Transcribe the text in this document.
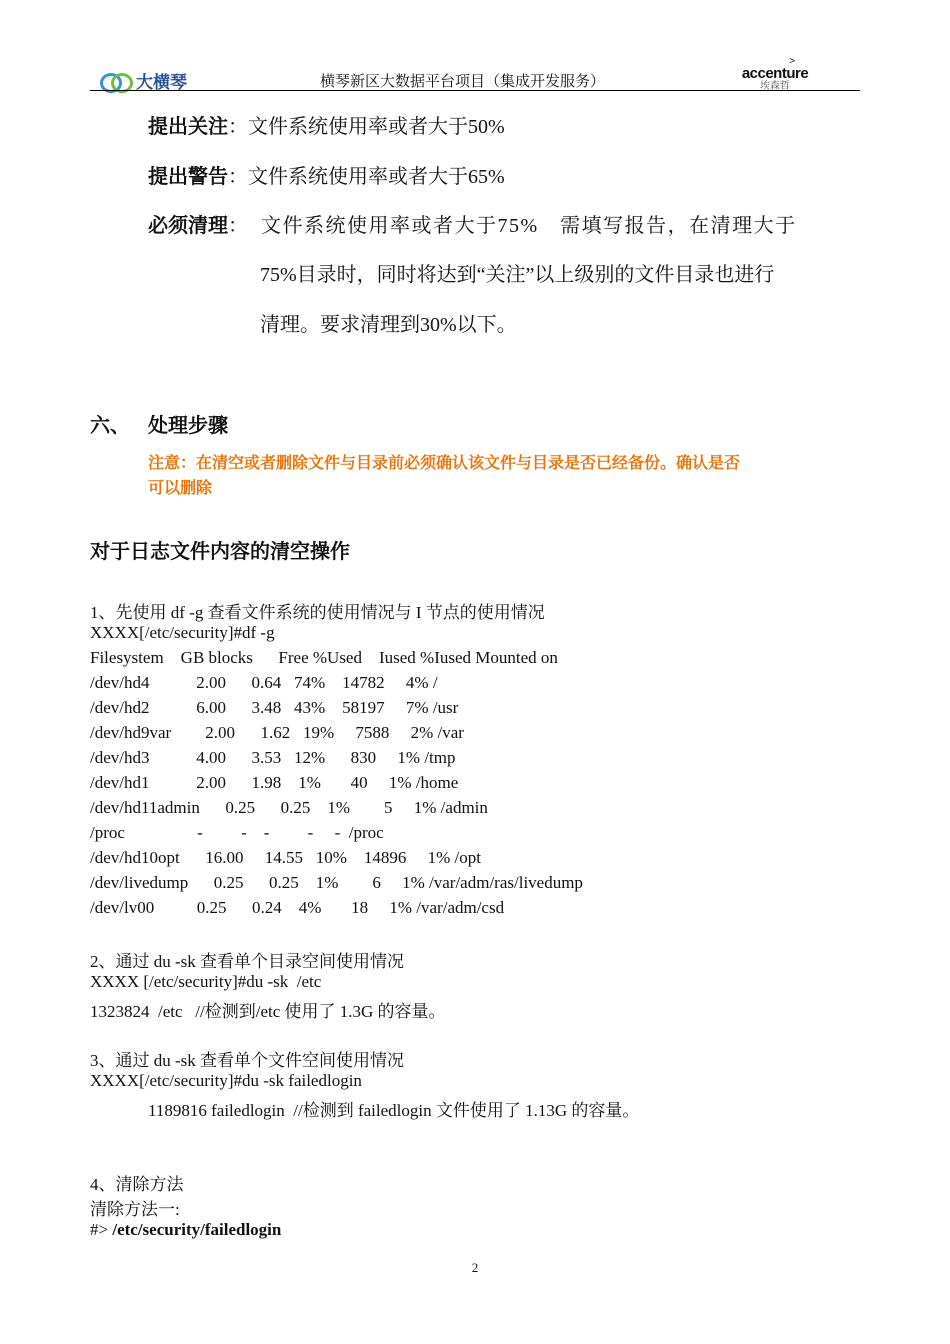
大横琴	横琴新区大数据平台项目（集成开发服务）
>
accenture
埃森哲
提出关注：文件系统使用率或者大于50%
提出警告：文件系统使用率或者大于65%
必须清理： 文件系统使用率或者大于75%　需填写报告，在清理大于
75%目录时，同时将达到“关注”以上级别的文件目录也进行
清理。要求清理到30%以下。
六、 处理步骤
注意：在清空或者删除文件与目录前必须确认该文件与目录是否已经备份。确认是否
可以删除
对于日志文件内容的清空操作
1、先使用 df -g 查看文件系统的使用情况与 I 节点的使用情况
XXXX[/etc/security]#df -g
Filesystem    GB blocks      Free %Used    Iused %Iused Mounted on
/dev/hd4           2.00      0.64   74%    14782     4% /
/dev/hd2           6.00      3.48   43%    58197     7% /usr
/dev/hd9var        2.00      1.62   19%     7588     2% /var
/dev/hd3           4.00      3.53   12%      830     1% /tmp
/dev/hd1           2.00      1.98    1%       40     1% /home
/dev/hd11admin      0.25      0.25    1%        5     1% /admin
/proc                 -         -    -         -     -  /proc
/dev/hd10opt      16.00     14.55   10%    14896     1% /opt
/dev/livedump      0.25      0.25    1%        6     1% /var/adm/ras/livedump
/dev/lv00          0.25      0.24    4%       18     1% /var/adm/csd
2、通过 du -sk 查看单个目录空间使用情况
XXXX [/etc/security]#du -sk  /etc
1323824  /etc   //检测到/etc 使用了 1.3G 的容量。
3、通过 du -sk 查看单个文件空间使用情况
XXXX[/etc/security]#du -sk failedlogin
1189816 failedlogin  //检测到 failedlogin 文件使用了 1.13G 的容量。
4、清除方法
清除方法一:
#> /etc/security/failedlogin
2
